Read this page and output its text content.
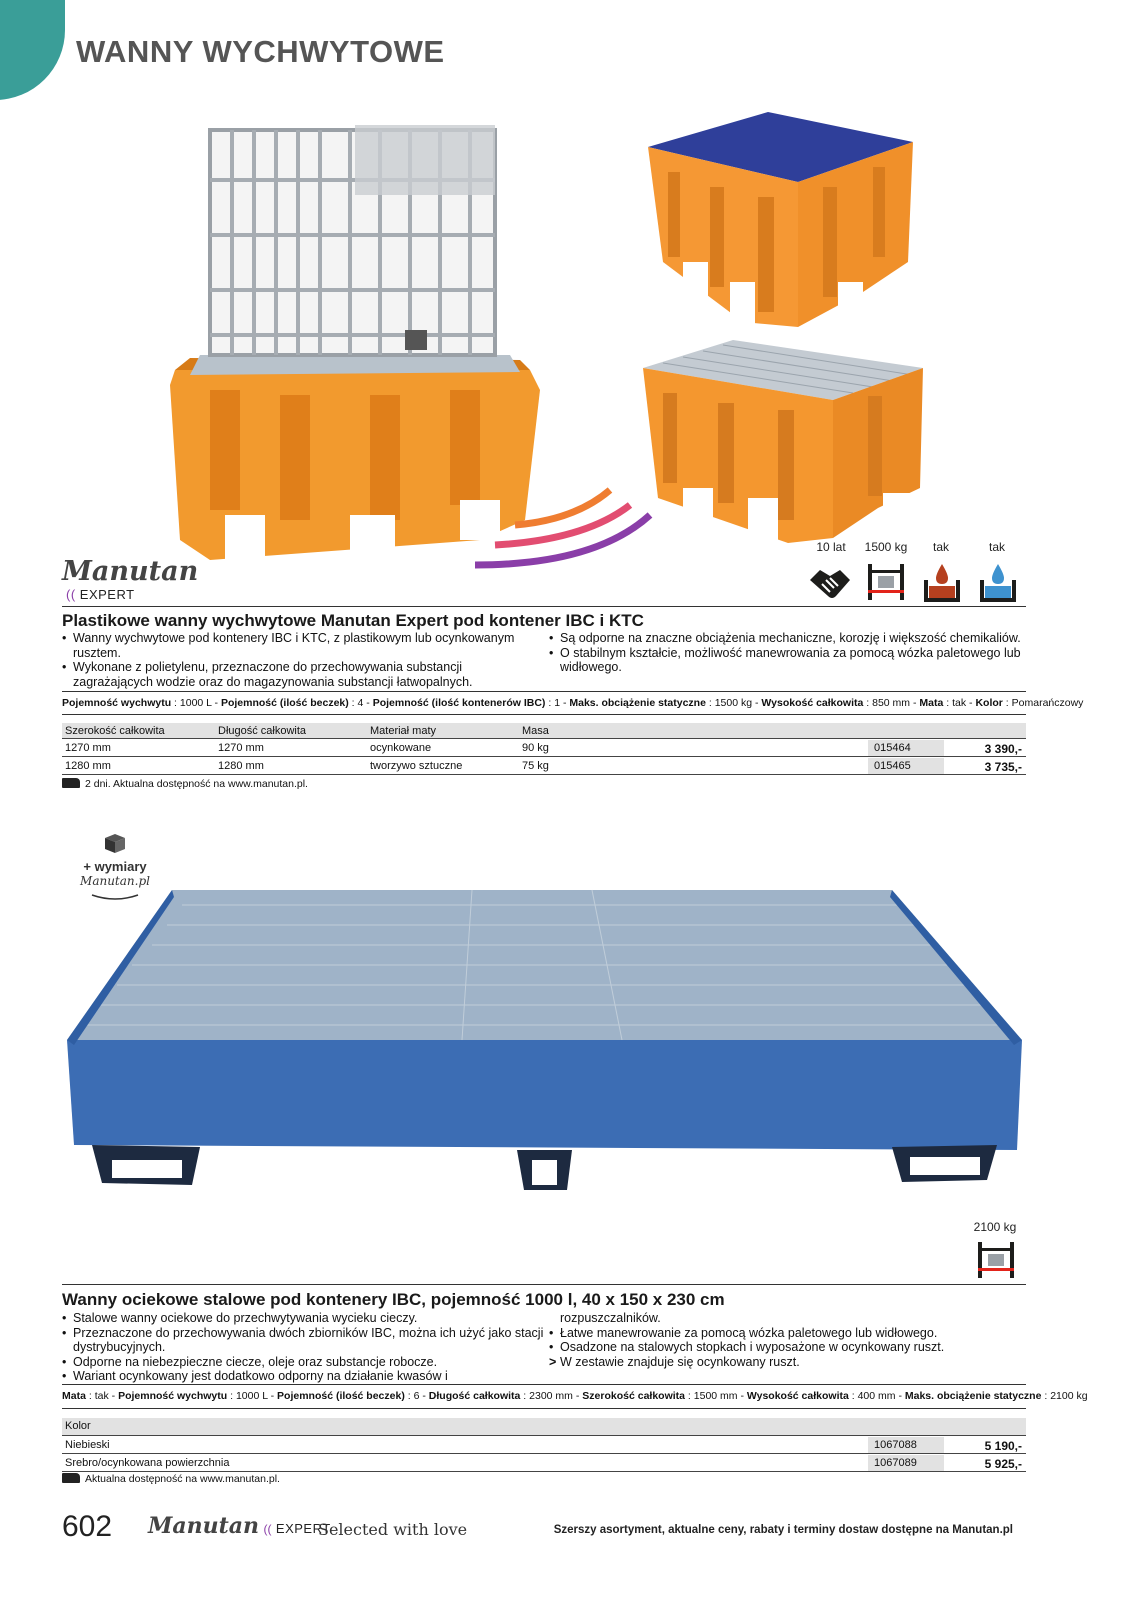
WANNY WYCHWYTOWE
Manutan
(( EXPERT
10 lat	1500 kg	tak	tak
Plastikowe wanny wychwytowe Manutan Expert pod kontener IBC i KTC
• Wanny wychwytowe pod kontenery IBC i KTC, z plastikowym lub ocynkowanym rusztem.
• Wykonane z polietylenu, przeznaczone do przechowywania substancji zagrażających wodzie oraz do magazynowania substancji łatwopalnych.
• Są odporne na znaczne obciążenia mechaniczne, korozję i większość chemikaliów.
• O stabilnym kształcie, możliwość manewrowania za pomocą wózka paletowego lub widłowego.
Pojemność wychwytu : 1000 L - Pojemność (ilość beczek) : 4 - Pojemność (ilość kontenerów IBC) : 1 - Maks. obciążenie statyczne : 1500 kg - Wysokość całkowita : 850 mm - Mata : tak - Kolor : Pomarańczowy
Szerokość całkowita	Długość całkowita	Materiał maty	Masa
1270 mm	1270 mm	ocynkowane	90 kg	015464	3 390,-
1280 mm	1280 mm	tworzywo sztuczne	75 kg	015465	3 735,-
2 dni. Aktualna dostępność na www.manutan.pl.
+ wymiary
Manutan.pl
2100 kg
Wanny ociekowe stalowe pod kontenery IBC, pojemność 1000 l, 40 x 150 x 230 cm
• Stalowe wanny ociekowe do przechwytywania wycieku cieczy.
• Przeznaczone do przechowywania dwóch zbiorników IBC, można ich użyć jako stacji dystrybucyjnych.
• Odporne na niebezpieczne ciecze, oleje oraz substancje robocze.
• Wariant ocynkowany jest dodatkowo odporny na działanie kwasów i
rozpuszczalników.
• Łatwe manewrowanie za pomocą wózka paletowego lub widłowego.
• Osadzone na stalowych stopkach i wyposażone w ocynkowany ruszt.
> W zestawie znajduje się ocynkowany ruszt.
Mata : tak - Pojemność wychwytu : 1000 L - Pojemność (ilość beczek) : 6 - Długość całkowita : 2300 mm - Szerokość całkowita : 1500 mm - Wysokość całkowita : 400 mm - Maks. obciążenie statyczne : 2100 kg
Kolor
Niebieski	1067088	5 190,-
Srebro/ocynkowana powierzchnia	1067089	5 925,-
Aktualna dostępność na www.manutan.pl.
602 Manutan (( EXPERT
Selected with love	Szerszy asortyment, aktualne ceny, rabaty i terminy dostaw dostępne na Manutan.pl
